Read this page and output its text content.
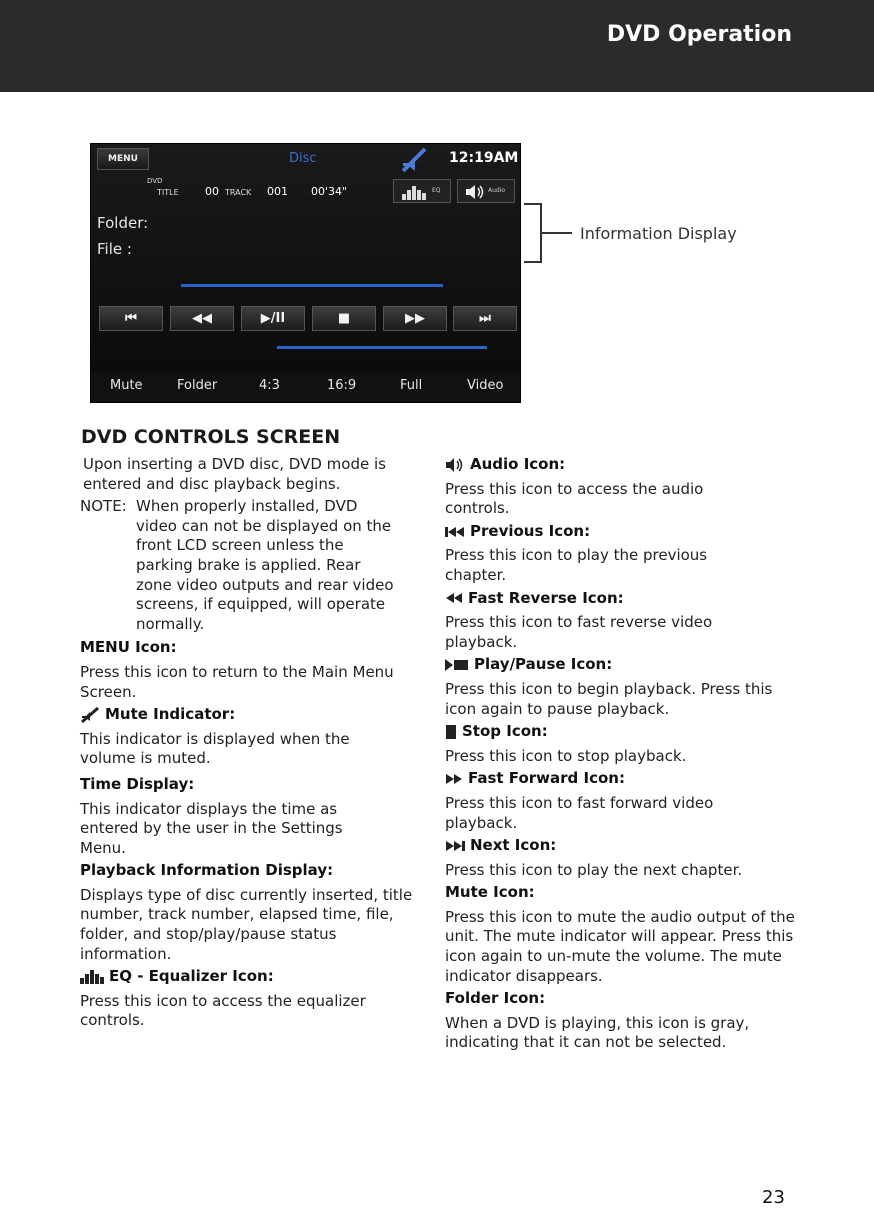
DVD Operation
MENU	Disc	12:19AM
DVD
TITLE 00 TRACK 001 00'34"	EQ	Audio
Folder:
File :
⏮	◀◀	▶/II	■	▶▶	⏭
Mute	Folder	4:3	16:9	Full	Video
Information Display
DVD CONTROLS SCREEN
Upon inserting a DVD disc, DVD mode is entered and disc playback begins.
NOTE: When properly installed, DVD video can not be displayed on the front LCD screen unless the parking brake is applied. Rear zone video outputs and rear video screens, if equipped, will operate normally.
MENU Icon:
Press this icon to return to the Main Menu Screen.
Mute Indicator:
This indicator is displayed when the volume is muted.
Time Display:
This indicator displays the time as entered by the user in the Settings Menu.
Playback Information Display:
Displays type of disc currently inserted, title number, track number, elapsed time, file, folder, and stop/play/pause status information.
EQ - Equalizer Icon:
Press this icon to access the equalizer controls.
Audio Icon:
Press this icon to access the audio controls.
Previous Icon:
Press this icon to play the previous chapter.
Fast Reverse Icon:
Press this icon to fast reverse video playback.
Play/Pause Icon:
Press this icon to begin playback. Press this icon again to pause playback.
Stop Icon:
Press this icon to stop playback.
Fast Forward Icon:
Press this icon to fast forward video playback.
Next Icon:
Press this icon to play the next chapter.
Mute Icon:
Press this icon to mute the audio output of the unit. The mute indicator will appear. Press this icon again to un-mute the volume. The mute indicator disappears.
Folder Icon:
When a DVD is playing, this icon is gray, indicating that it can not be selected.
23
